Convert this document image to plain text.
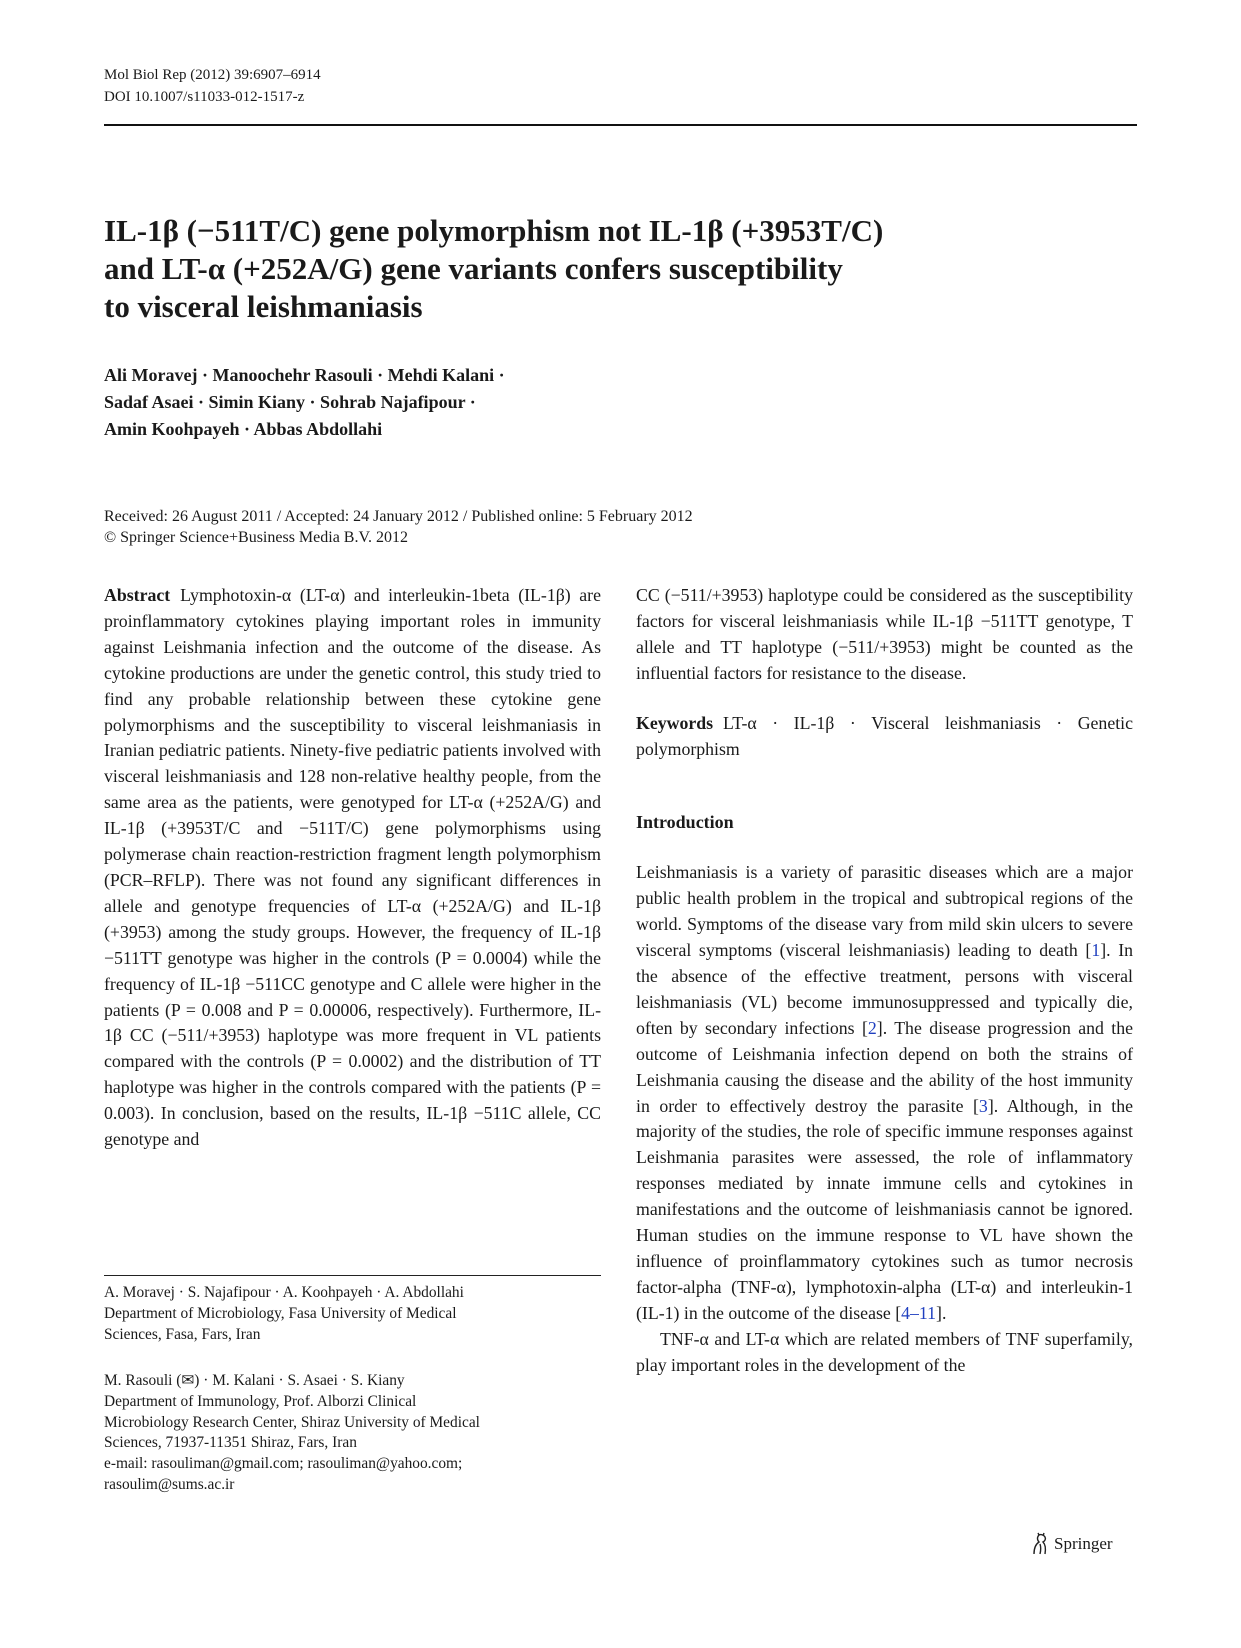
Mol Biol Rep (2012) 39:6907–6914
DOI 10.1007/s11033-012-1517-z
IL-1β (−511T/C) gene polymorphism not IL-1β (+3953T/C)
and LT-α (+252A/G) gene variants confers susceptibility
to visceral leishmaniasis
Ali Moravej · Manoochehr Rasouli · Mehdi Kalani ·
Sadaf Asaei · Simin Kiany · Sohrab Najafipour ·
Amin Koohpayeh · Abbas Abdollahi
Received: 26 August 2011 / Accepted: 24 January 2012 / Published online: 5 February 2012
© Springer Science+Business Media B.V. 2012

Abstract Lymphotoxin-α (LT-α) and interleukin-1beta (IL-1β) are proinflammatory cytokines playing important roles in immunity against Leishmania infection and the outcome of the disease. As cytokine productions are under the genetic control, this study tried to find any probable relationship between these cytokine gene polymorphisms and the susceptibility to visceral leishmaniasis in Iranian pediatric patients. Ninety-five pediatric patients involved with visceral leishmaniasis and 128 non-relative healthy people, from the same area as the patients, were genotyped for LT-α (+252A/G) and IL-1β (+3953T/C and −511T/C) gene polymorphisms using polymerase chain reaction-restriction fragment length polymorphism (PCR–RFLP). There was not found any significant differences in allele and genotype frequencies of LT-α (+252A/G) and IL-1β (+3953) among the study groups. However, the frequency of IL-1β −511TT genotype was higher in the controls (P = 0.0004) while the frequency of IL-1β −511CC genotype and C allele were higher in the patients (P = 0.008 and P = 0.00006, respectively). Furthermore, IL-1β CC (−511/+3953) haplotype was more frequent in VL patients compared with the controls (P = 0.0002) and the distribution of TT haplotype was higher in the controls compared with the patients (P = 0.003). In conclusion, based on the results, IL-1β −511C allele, CC genotype and

A. Moravej · S. Najafipour · A. Koohpayeh · A. Abdollahi
Department of Microbiology, Fasa University of Medical
Sciences, Fasa, Fars, Iran
M. Rasouli (✉) · M. Kalani · S. Asaei · S. Kiany
Department of Immunology, Prof. Alborzi Clinical
Microbiology Research Center, Shiraz University of Medical
Sciences, 71937-11351 Shiraz, Fars, Iran
e-mail: rasouliman@gmail.com; rasouliman@yahoo.com;
rasoulim@sums.ac.ir

CC (−511/+3953) haplotype could be considered as the susceptibility factors for visceral leishmaniasis while IL-1β −511TT genotype, T allele and TT haplotype (−511/+3953) might be counted as the influential factors for resistance to the disease.

Keywords LT-α · IL-1β · Visceral leishmaniasis · Genetic polymorphism

Introduction

Leishmaniasis is a variety of parasitic diseases which are a major public health problem in the tropical and subtropical regions of the world. Symptoms of the disease vary from mild skin ulcers to severe visceral symptoms (visceral leishmaniasis) leading to death [1]. In the absence of the effective treatment, persons with visceral leishmaniasis (VL) become immunosuppressed and typically die, often by secondary infections [2]. The disease progression and the outcome of Leishmania infection depend on both the strains of Leishmania causing the disease and the ability of the host immunity in order to effectively destroy the parasite [3]. Although, in the majority of the studies, the role of specific immune responses against Leishmania parasites were assessed, the role of inflammatory responses mediated by innate immune cells and cytokines in manifestations and the outcome of leishmaniasis cannot be ignored. Human studies on the immune response to VL have shown the influence of proinflammatory cytokines such as tumor necrosis factor-alpha (TNF-α), lymphotoxin-alpha (LT-α) and interleukin-1 (IL-1) in the outcome of the disease [4–11].

TNF-α and LT-α which are related members of TNF superfamily, play important roles in the development of the

Springer
